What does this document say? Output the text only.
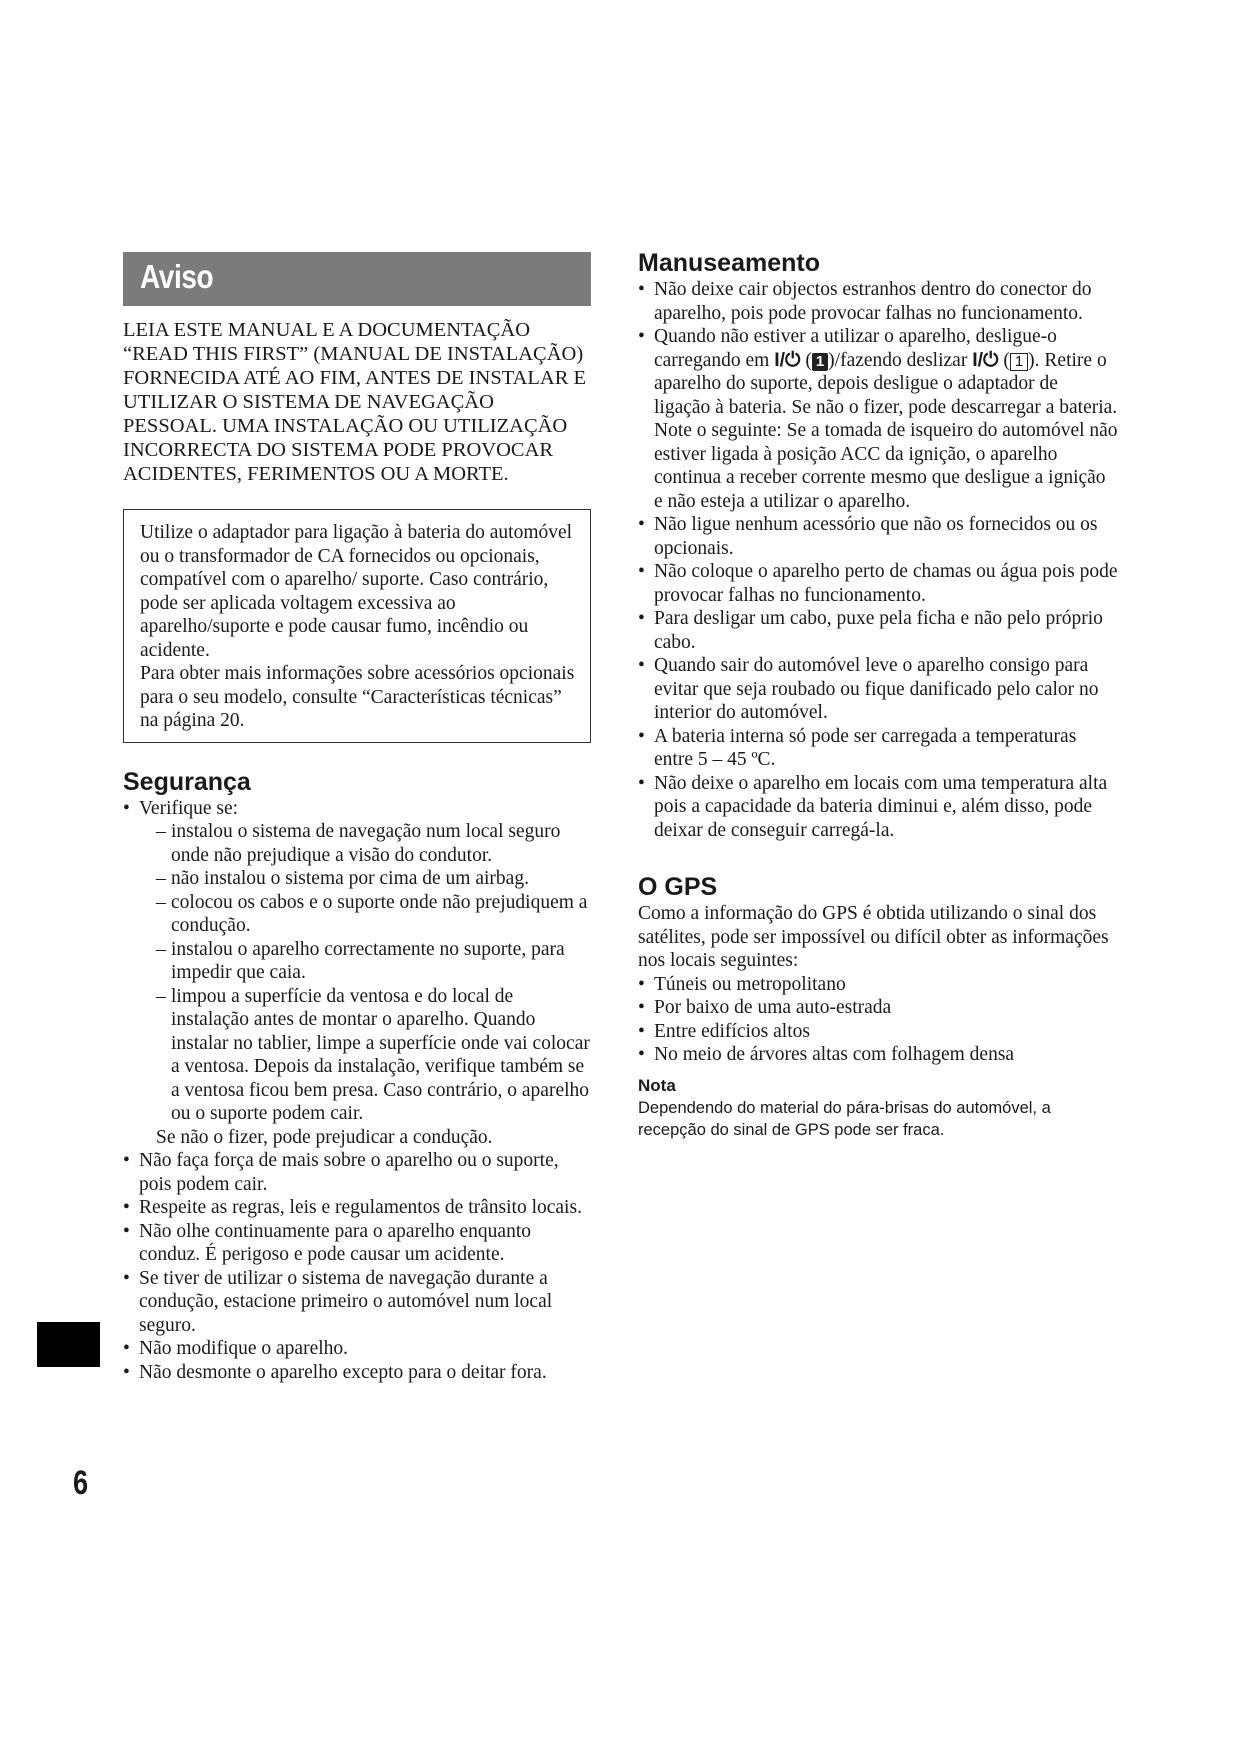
Aviso
LEIA ESTE MANUAL E A DOCUMENTAÇÃO “READ THIS FIRST” (MANUAL DE INSTALAÇÃO) FORNECIDA ATÉ AO FIM, ANTES DE INSTALAR E UTILIZAR O SISTEMA DE NAVEGAÇÃO PESSOAL. UMA INSTALAÇÃO OU UTILIZAÇÃO INCORRECTA DO SISTEMA PODE PROVOCAR ACIDENTES, FERIMENTOS OU A MORTE.
Utilize o adaptador para ligação à bateria do automóvel ou o transformador de CA fornecidos ou opcionais, compatível com o aparelho/ suporte. Caso contrário, pode ser aplicada voltagem excessiva ao aparelho/suporte e pode causar fumo, incêndio ou acidente.
Para obter mais informações sobre acessórios opcionais para o seu modelo, consulte “Características técnicas” na página 20.
Segurança
• Verifique se:
– instalou o sistema de navegação num local seguro onde não prejudique a visão do condutor.
– não instalou o sistema por cima de um airbag.
– colocou os cabos e o suporte onde não prejudiquem a condução.
– instalou o aparelho correctamente no suporte, para impedir que caia.
– limpou a superfície da ventosa e do local de instalação antes de montar o aparelho. Quando instalar no tablier, limpe a superfície onde vai colocar a ventosa. Depois da instalação, verifique também se a ventosa ficou bem presa. Caso contrário, o aparelho ou o suporte podem cair.
Se não o fizer, pode prejudicar a condução.
• Não faça força de mais sobre o aparelho ou o suporte, pois podem cair.
• Respeite as regras, leis e regulamentos de trânsito locais.
• Não olhe continuamente para o aparelho enquanto conduz. É perigoso e pode causar um acidente.
• Se tiver de utilizar o sistema de navegação durante a condução, estacione primeiro o automóvel num local seguro.
• Não modifique o aparelho.
• Não desmonte o aparelho excepto para o deitar fora.
Manuseamento
• Não deixe cair objectos estranhos dentro do conector do aparelho, pois pode provocar falhas no funcionamento.
• Quando não estiver a utilizar o aparelho, desligue-o carregando em I/⏻ ( 1 )/fazendo deslizar I/⏻ ( 1 ). Retire o aparelho do suporte, depois desligue o adaptador de ligação à bateria. Se não o fizer, pode descarregar a bateria. Note o seguinte: Se a tomada de isqueiro do automóvel não estiver ligada à posição ACC da ignição, o aparelho continua a receber corrente mesmo que desligue a ignição e não esteja a utilizar o aparelho.
• Não ligue nenhum acessório que não os fornecidos ou os opcionais.
• Não coloque o aparelho perto de chamas ou água pois pode provocar falhas no funcionamento.
• Para desligar um cabo, puxe pela ficha e não pelo próprio cabo.
• Quando sair do automóvel leve o aparelho consigo para evitar que seja roubado ou fique danificado pelo calor no interior do automóvel.
• A bateria interna só pode ser carregada a temperaturas entre 5 – 45 ºC.
• Não deixe o aparelho em locais com uma temperatura alta pois a capacidade da bateria diminui e, além disso, pode deixar de conseguir carregá-la.
O GPS
Como a informação do GPS é obtida utilizando o sinal dos satélites, pode ser impossível ou difícil obter as informações nos locais seguintes:
• Túneis ou metropolitano
• Por baixo de uma auto-estrada
• Entre edifícios altos
• No meio de árvores altas com folhagem densa
Nota
Dependendo do material do pára-brisas do automóvel, a recepção do sinal de GPS pode ser fraca.
6
